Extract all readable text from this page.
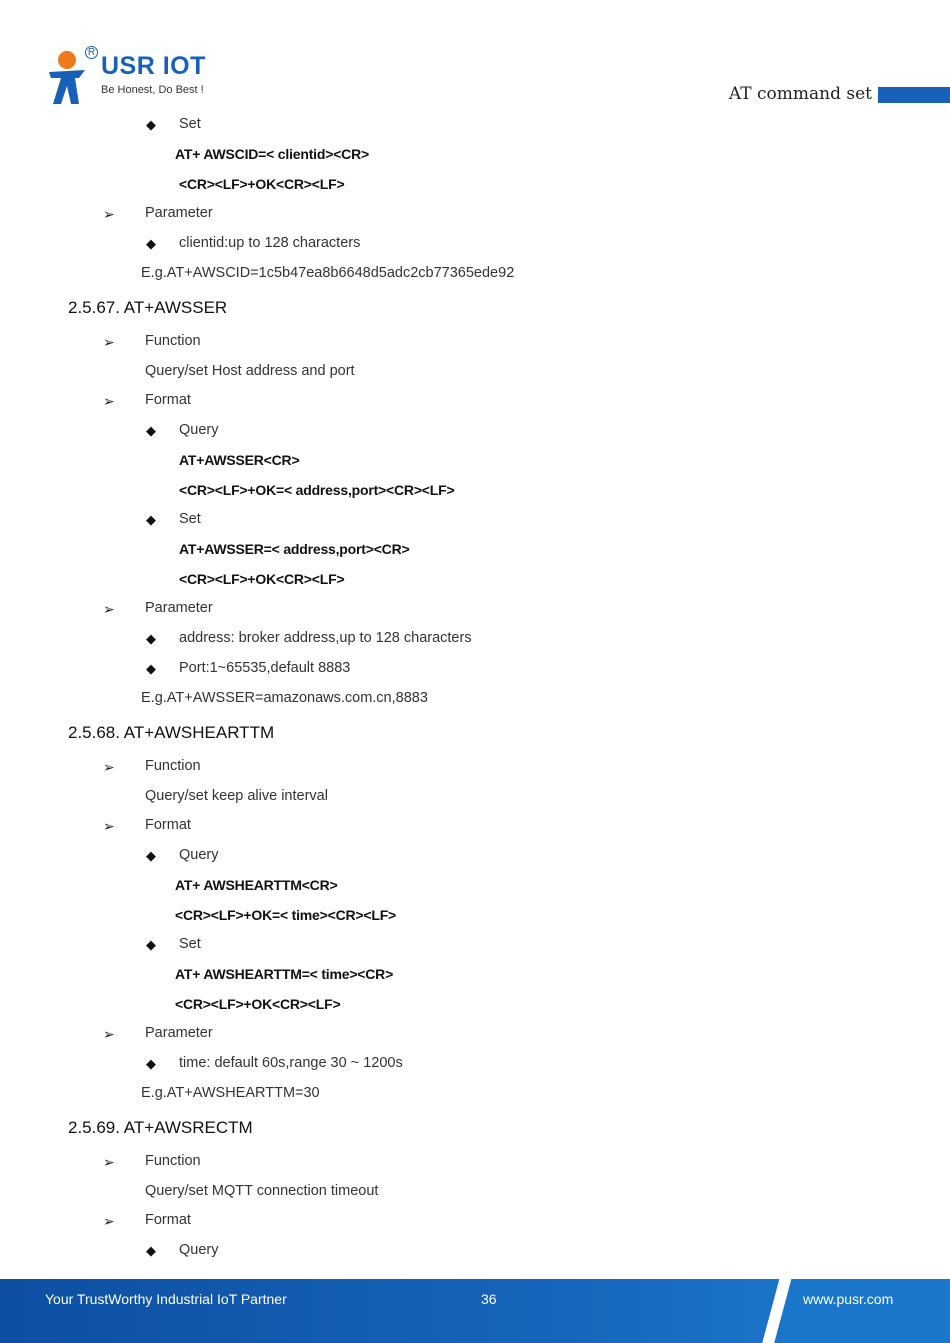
R USR IOT
Be Honest, Do Best !	AT command set
◆ Set
AT+ AWSCID=< clientid><CR>
<CR><LF>+OK<CR><LF>
➢ Parameter
◆ clientid:up to 128 characters
E.g.AT+AWSCID=1c5b47ea8b6648d5adc2cb77365ede92
2.5.67. AT+AWSSER
➢ Function
Query/set Host address and port
➢ Format
◆ Query
AT+AWSSER<CR>
<CR><LF>+OK=< address,port><CR><LF>
◆ Set
AT+AWSSER=< address,port><CR>
<CR><LF>+OK<CR><LF>
➢ Parameter
◆ address: broker address,up to 128 characters
◆ Port:1~65535,default 8883
E.g.AT+AWSSER=amazonaws.com.cn,8883
2.5.68. AT+AWSHEARTTM
➢ Function
Query/set keep alive interval
➢ Format
◆ Query
AT+ AWSHEARTTM<CR>
<CR><LF>+OK=< time><CR><LF>
◆ Set
AT+ AWSHEARTTM=< time><CR>
<CR><LF>+OK<CR><LF>
➢ Parameter
◆ time: default 60s,range 30 ~ 1200s
E.g.AT+AWSHEARTTM=30
2.5.69. AT+AWSRECTM
➢ Function
Query/set MQTT connection timeout
➢ Format
◆ Query
Your TrustWorthy Industrial IoT Partner	36	www.pusr.com
